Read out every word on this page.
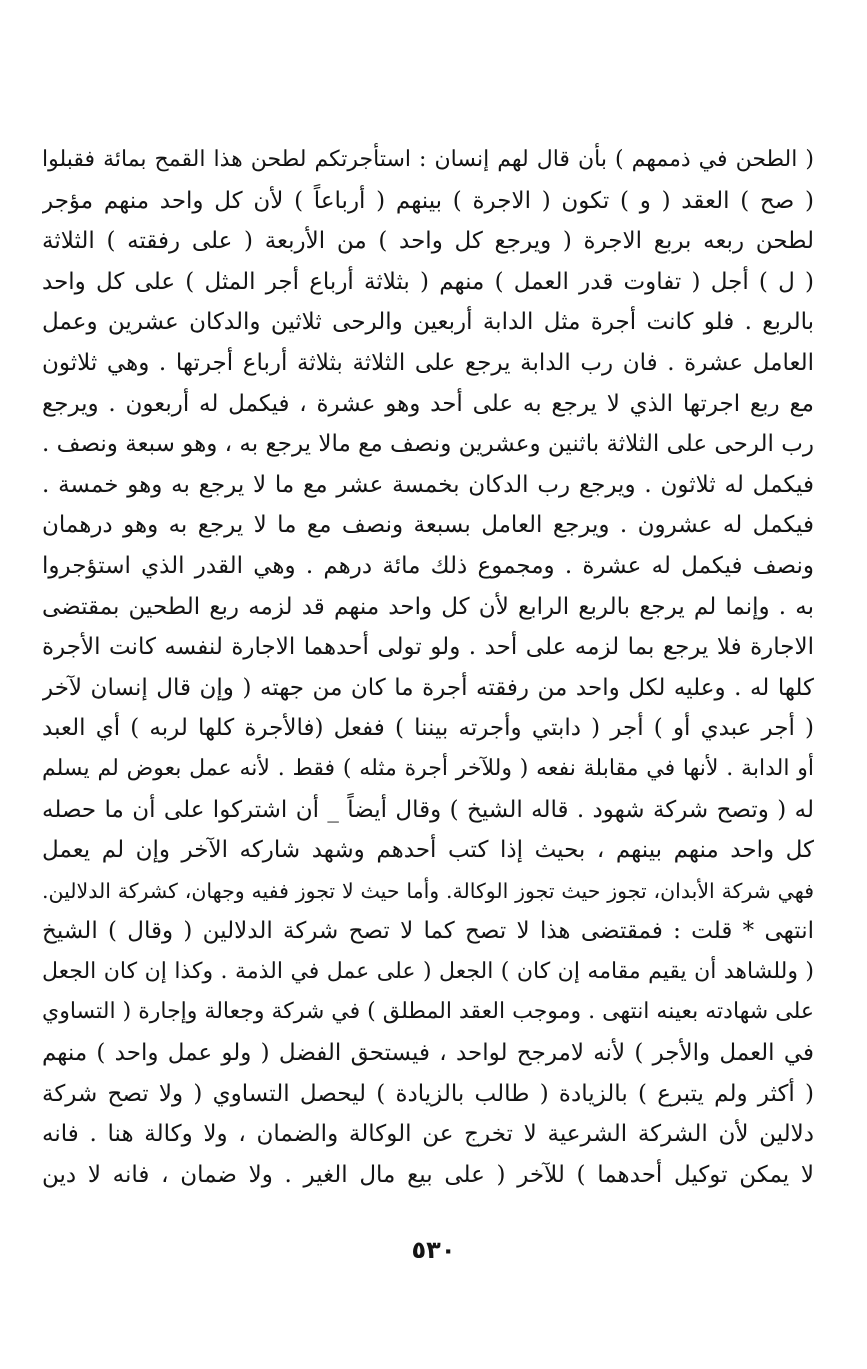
( الطحن في ذممهم ) بأن قال لهم إنسان : استأجرتكم لطحن هذا القمح بمائة فقبلوا
( صح ) العقد ( و ) تكون ( الاجرة ) بينهم ( أرباعاً ) لأن كل واحد منهم مؤجر
لطحن ربعه بربع الاجرة ( ويرجع كل واحد ) من الأربعة ( على رفقته ) الثلاثة
( ل ) أجل ( تفاوت قدر العمل ) منهم ( بثلاثة أرباع أجر المثل ) على كل واحد
بالربع . فلو كانت أجرة مثل الدابة أربعين والرحى ثلاثين والدكان عشرين وعمل
العامل عشرة . فان رب الدابة يرجع على الثلاثة بثلاثة أرباع أجرتها . وهي ثلاثون
مع ربع اجرتها الذي لا يرجع به على أحد وهو عشرة ، فيكمل له أربعون . ويرجع
رب الرحى على الثلاثة باثنين وعشرين ونصف مع مالا يرجع به ، وهو سبعة ونصف .
فيكمل له ثلاثون . ويرجع رب الدكان بخمسة عشر مع ما لا يرجع به وهو خمسة .
فيكمل له عشرون . ويرجع العامل بسبعة ونصف مع ما لا يرجع به وهو درهمان
ونصف فيكمل له عشرة . ومجموع ذلك مائة درهم . وهي القدر الذي استؤجروا
به . وإنما لم يرجع بالربع الرابع لأن كل واحد منهم قد لزمه ربع الطحين بمقتضى
الاجارة فلا يرجع بما لزمه على أحد . ولو تولى أحدهما الاجارة لنفسه كانت الأجرة
كلها له . وعليه لكل واحد من رفقته أجرة ما كان من جهته ( وإن قال إنسان لآخر
( أجر عبدي أو ) أجر ( دابتي وأجرته بيننا ) ففعل (فالأجرة كلها لربه ) أي العبد
أو الدابة . لأنها في مقابلة نفعه ( وللآخر أجرة مثله ) فقط . لأنه عمل بعوض لم يسلم
له ( وتصح شركة شهود . قاله الشيخ ) وقال أيضاً _ أن اشتركوا على أن ما حصله
كل واحد منهم بينهم ، بحيث إذا كتب أحدهم وشهد شاركه الآخر وإن لم يعمل
فهي شركة الأبدان، تجوز حيث تجوز الوكالة. وأما حيث لا تجوز ففيه وجهان، كشركة الدلالين.
انتهى * قلت : فمقتضى هذا لا تصح كما لا تصح شركة الدلالين ( وقال ) الشيخ
( وللشاهد أن يقيم مقامه إن كان ) الجعل ( على عمل في الذمة . وكذا إن كان الجعل
على شهادته بعينه انتهى . وموجب العقد المطلق ) في شركة وجعالة وإجارة ( التساوي
في العمل والأجر ) لأنه لامرجح لواحد ، فيستحق الفضل ( ولو عمل واحد ) منهم
( أكثر ولم يتبرع ) بالزيادة ( طالب بالزيادة ) ليحصل التساوي ( ولا تصح شركة
دلالين لأن الشركة الشرعية لا تخرج عن الوكالة والضمان ، ولا وكالة هنا . فانه
لا يمكن توكيل أحدهما ) للآخر ( على بيع مال الغير . ولا ضمان ، فانه لا دين
٥٣٠
